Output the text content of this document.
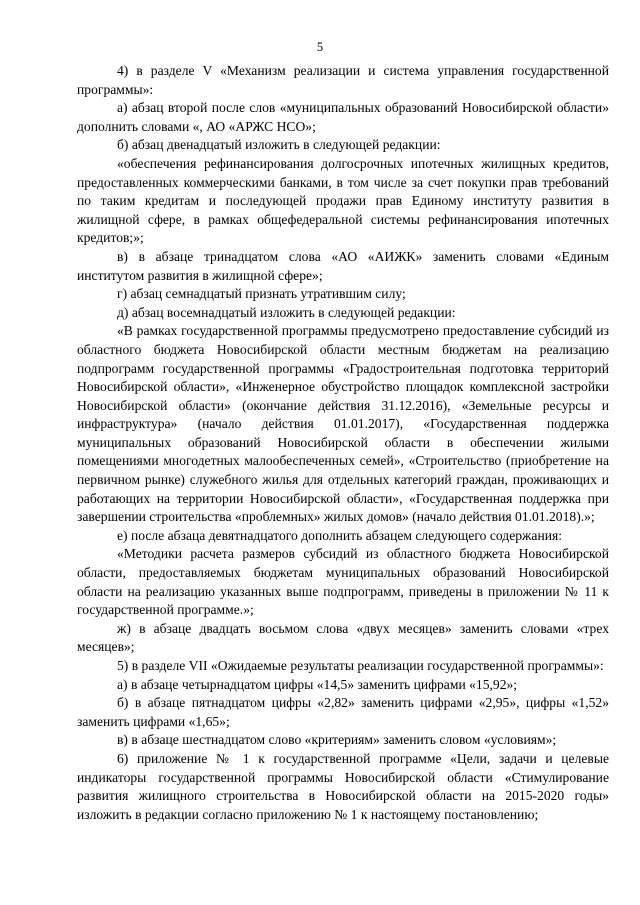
5

4) в разделе V «Механизм реализации и система управления государственной программы»:

а) абзац второй после слов «муниципальных образований Новосибирской области» дополнить словами «, АО «АРЖС НСО»;

б) абзац двенадцатый изложить в следующей редакции:

«обеспечения рефинансирования долгосрочных ипотечных жилищных кредитов, предоставленных коммерческими банками, в том числе за счет покупки прав требований по таким кредитам и последующей продажи прав Единому институту развития в жилищной сфере, в рамках общефедеральной системы рефинансирования ипотечных кредитов;»;

в) в абзаце тринадцатом слова «АО «АИЖК» заменить словами «Единым институтом развития в жилищной сфере»;

г) абзац семнадцатый признать утратившим силу;

д) абзац восемнадцатый изложить в следующей редакции:

«В рамках государственной программы предусмотрено предоставление субсидий из областного бюджета Новосибирской области местным бюджетам на реализацию подпрограмм государственной программы «Градостроительная подготовка территорий Новосибирской области», «Инженерное обустройство площадок комплексной застройки Новосибирской области» (окончание действия 31.12.2016), «Земельные ресурсы и инфраструктура» (начало действия 01.01.2017), «Государственная поддержка муниципальных образований Новосибирской области в обеспечении жилыми помещениями многодетных малообеспеченных семей», «Строительство (приобретение на первичном рынке) служебного жилья для отдельных категорий граждан, проживающих и работающих на территории Новосибирской области», «Государственная поддержка при завершении строительства «проблемных» жилых домов» (начало действия 01.01.2018).»;

е) после абзаца девятнадцатого дополнить абзацем следующего содержания:

«Методики расчета размеров субсидий из областного бюджета Новосибирской области, предоставляемых бюджетам муниципальных образований Новосибирской области на реализацию указанных выше подпрограмм, приведены в приложении № 11 к государственной программе.»;

ж) в абзаце двадцать восьмом слова «двух месяцев» заменить словами «трех месяцев»;

5) в разделе VII «Ожидаемые результаты реализации государственной программы»:

а) в абзаце четырнадцатом цифры «14,5» заменить цифрами «15,92»;

б) в абзаце пятнадцатом цифры «2,82» заменить цифрами «2,95», цифры «1,52» заменить цифрами «1,65»;

в) в абзаце шестнадцатом слово «критериям» заменить словом «условиям»;

6) приложение № 1 к государственной программе «Цели, задачи и целевые индикаторы государственной программы Новосибирской области «Стимулирование развития жилищного строительства в Новосибирской области на 2015-2020 годы» изложить в редакции согласно приложению № 1 к настоящему постановлению;
